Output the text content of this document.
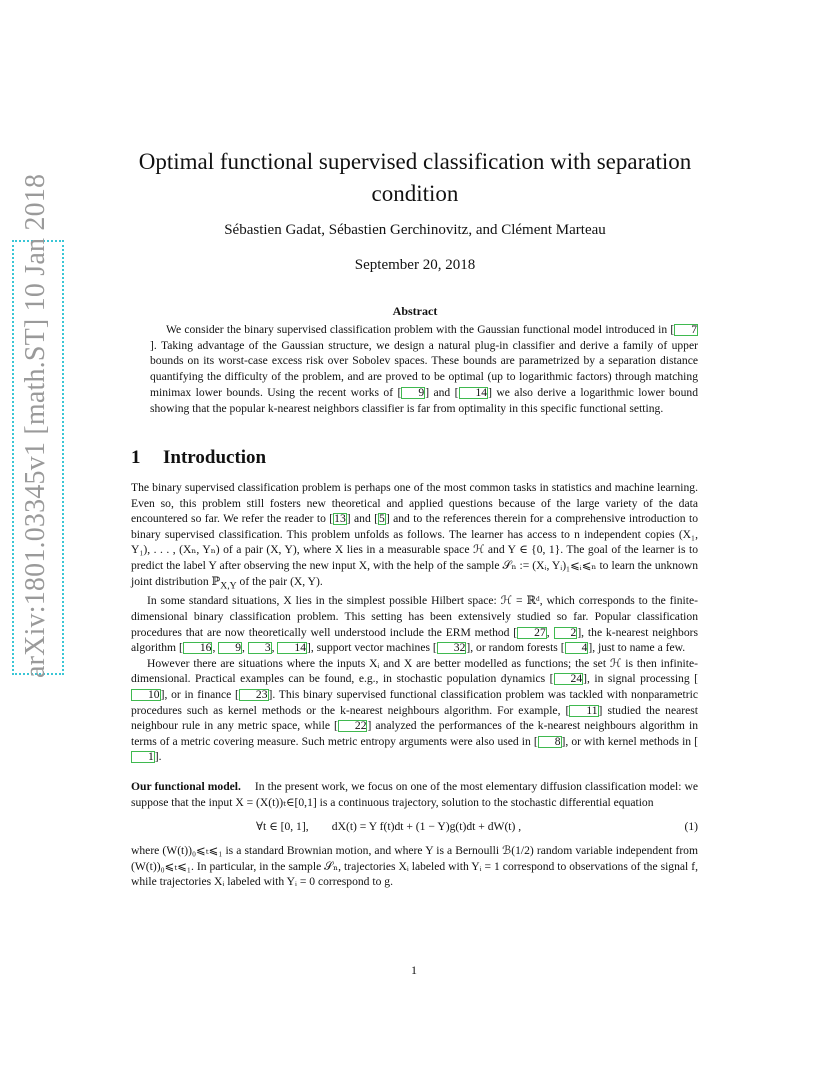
arXiv:1801.03345v1 [math.ST] 10 Jan 2018
Optimal functional supervised classification with separation condition
Sébastien Gadat, Sébastien Gerchinovitz, and Clément Marteau
September 20, 2018
Abstract

We consider the binary supervised classification problem with the Gaussian functional model introduced in [ 7]. Taking advantage of the Gaussian structure, we design a natural plug-in classifier and derive a family of upper bounds on its worst-case excess risk over Sobolev spaces. These bounds are parametrized by a separation distance quantifying the difficulty of the problem, and are proved to be optimal (up to logarithmic factors) through matching minimax lower bounds. Using the recent works of [ 9] and [ 14] we also derive a logarithmic lower bound showing that the popular k-nearest neighbors classifier is far from optimality in this specific functional setting.

1 Introduction

The binary supervised classification problem is perhaps one of the most common tasks in statistics and machine learning. Even so, this problem still fosters new theoretical and applied questions because of the large variety of the data encountered so far. We refer the reader to [13] and [5] and to the references therein for a comprehensive introduction to binary supervised classification. This problem unfolds as follows. The learner has access to n independent copies (X₁, Y₁), . . . , (Xₙ, Yₙ) of a pair (X, Y), where X lies in a measurable space ℋ and Y ∈ {0, 1}. The goal of the learner is to predict the label Y after observing the new input X, with the help of the sample 𝒮ₙ := (Xᵢ, Yᵢ)₁⩽ᵢ⩽ₙ to learn the unknown joint distribution ℙ$_{X,Y}$ of the pair (X, Y).

In some standard situations, X lies in the simplest possible Hilbert space: ℋ = ℝᵈ, which corresponds to the finite-dimensional binary classification problem. This setting has been extensively studied so far. Popular classification procedures that are now theoretically well understood include the ERM method [ 27, 2], the k-nearest neighbors algorithm [ 16, 9, 3, 14], support vector machines [ 32], or random forests [ 4], just to name a few.

However there are situations where the inputs Xᵢ and X are better modelled as functions; the set ℋ is then infinite-dimensional. Practical examples can be found, e.g., in stochastic population dynamics [ 24], in signal processing [10], or in finance [ 23]. This binary supervised functional classification problem was tackled with nonparametric procedures such as kernel methods or the k-nearest neighbours algorithm. For example, [ 11] studied the nearest neighbour rule in any metric space, while [ 22] analyzed the performances of the k-nearest neighbours algorithm in terms of a metric covering measure. Such metric entropy arguments were also used in [ 8], or with kernel methods in [1].

Our functional model. In the present work, we focus on one of the most elementary diffusion classification model: we suppose that the input X = (X(t))ₜ∈[0,1] is a continuous trajectory, solution to the stochastic differential equation

∀t ∈ [0, 1],        dX(t) = Y f(t)dt + (1 − Y)g(t)dt + dW(t) ,	(1)

where (W(t))₀⩽ₜ⩽₁ is a standard Brownian motion, and where Y is a Bernoulli ℬ(1/2) random variable independent from (W(t))₀⩽ₜ⩽₁. In particular, in the sample 𝒮ₙ, trajectories Xᵢ labeled with Yᵢ = 1 correspond to observations of the signal f, while trajectories Xᵢ labeled with Yᵢ = 0 correspond to g.

1
